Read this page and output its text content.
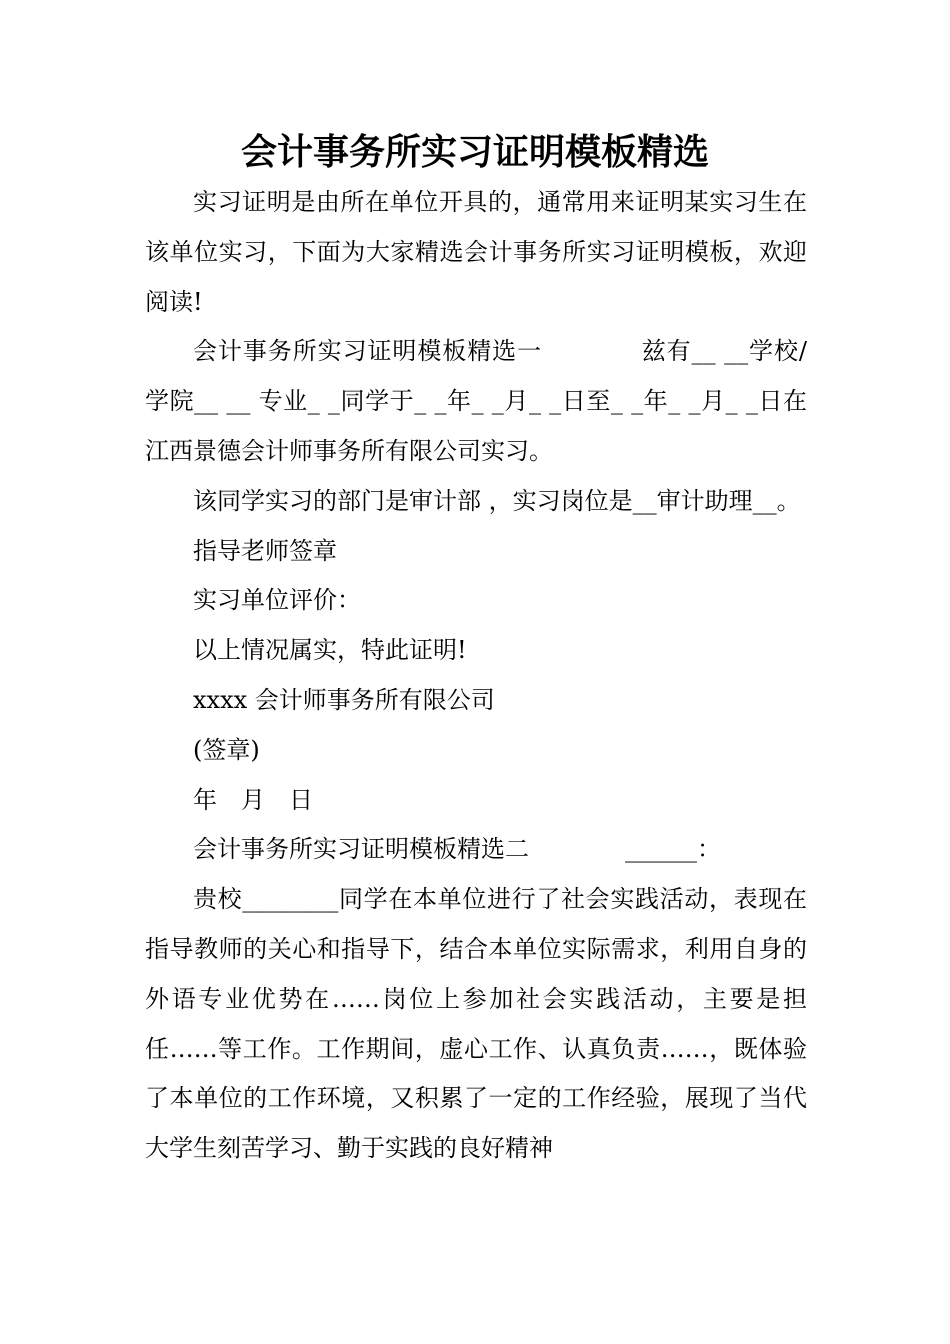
会计事务所实习证明模板精选

实习证明是由所在单位开具的，通常用来证明某实习生在该单位实习，下面为大家精选会计事务所实习证明模板，欢迎阅读!

会计事务所实习证明模板精选一　　　　兹有__ __学校/学院__ __ 专业_ _同学于_ _年_ _月_ _日至_ _年_ _月_ _日在江西景德会计师事务所有限公司实习。

该同学实习的部门是审计部 ，实习岗位是__审计助理__。

指导老师签章

实习单位评价：

以上情况属实，特此证明!

xxxx 会计师事务所有限公司

(签章)

年　月　日

会计事务所实习证明模板精选二　　　　______：

贵校________同学在本单位进行了社会实践活动，表现在指导教师的关心和指导下，结合本单位实际需求，利用自身的外语专业优势在……岗位上参加社会实践活动，主要是担任……等工作。工作期间，虚心工作、认真负责……，既体验了本单位的工作环境，又积累了一定的工作经验，展现了当代大学生刻苦学习、勤于实践的良好精神
